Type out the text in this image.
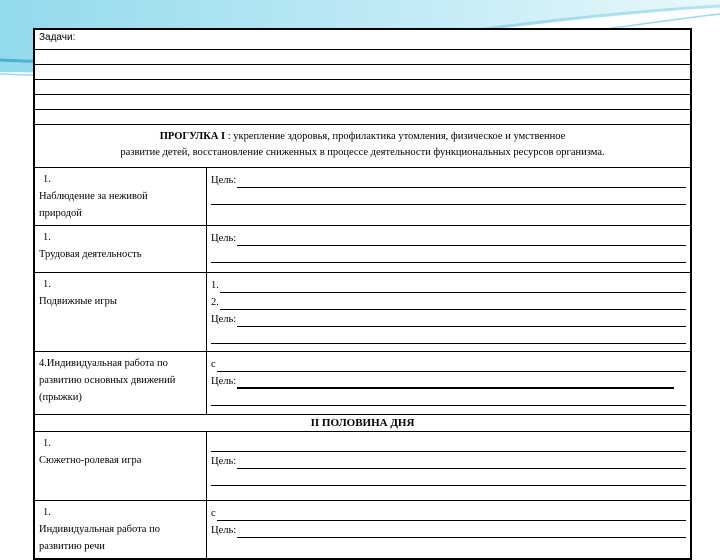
Задачи:	

ПРОГУЛКА I : укрепление здоровья, профилактика утомления, физическое и умственное
развитие детей, восстановление сниженных в процессе деятельности функциональных ресурсов организма.	
1.Наблюдение за неживой природой	Цель:

1.Трудовая деятельность	Цель:

1.Подвижные игры	1.
2.
Цель:

4.Индивидуальная работа по развитию основных движений (прыжки)	с
Цель:

II ПОЛОВИНА ДНЯ	
1.Сюжетно-ролевая игра	Цель:

1.Индивидуальная работа по развитию речи	с
Цель:
